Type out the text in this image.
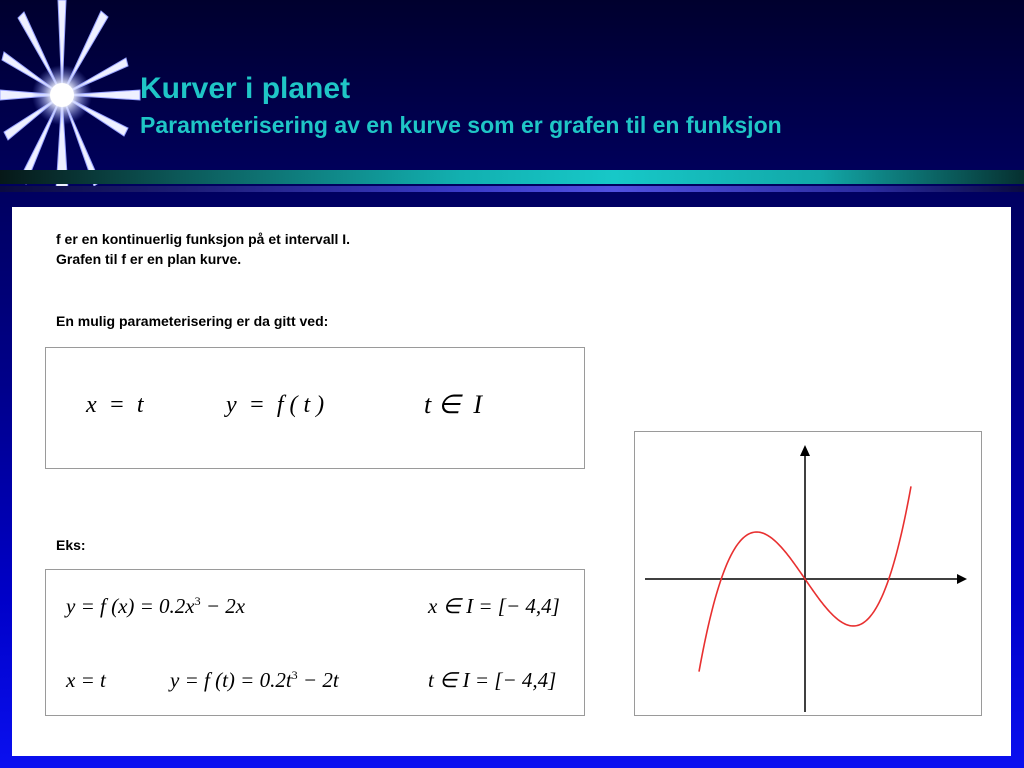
Kurver i planet
Parameterisering av en kurve som er grafen til en funksjon

f er en kontinuerlig funksjon på et intervall I.

Grafen til f er en plan kurve.

En mulig parameterisering er da gitt ved:

x  =  t	y  =  f ( t )	t ∈  I

Eks:

y = f $(x) = 0.2x^3 - 2x$	x ∈ I = [− 4,4]
x = t	y = f $(t) = 0.2t^3 - 2t$	t ∈ I = [− 4,4]
